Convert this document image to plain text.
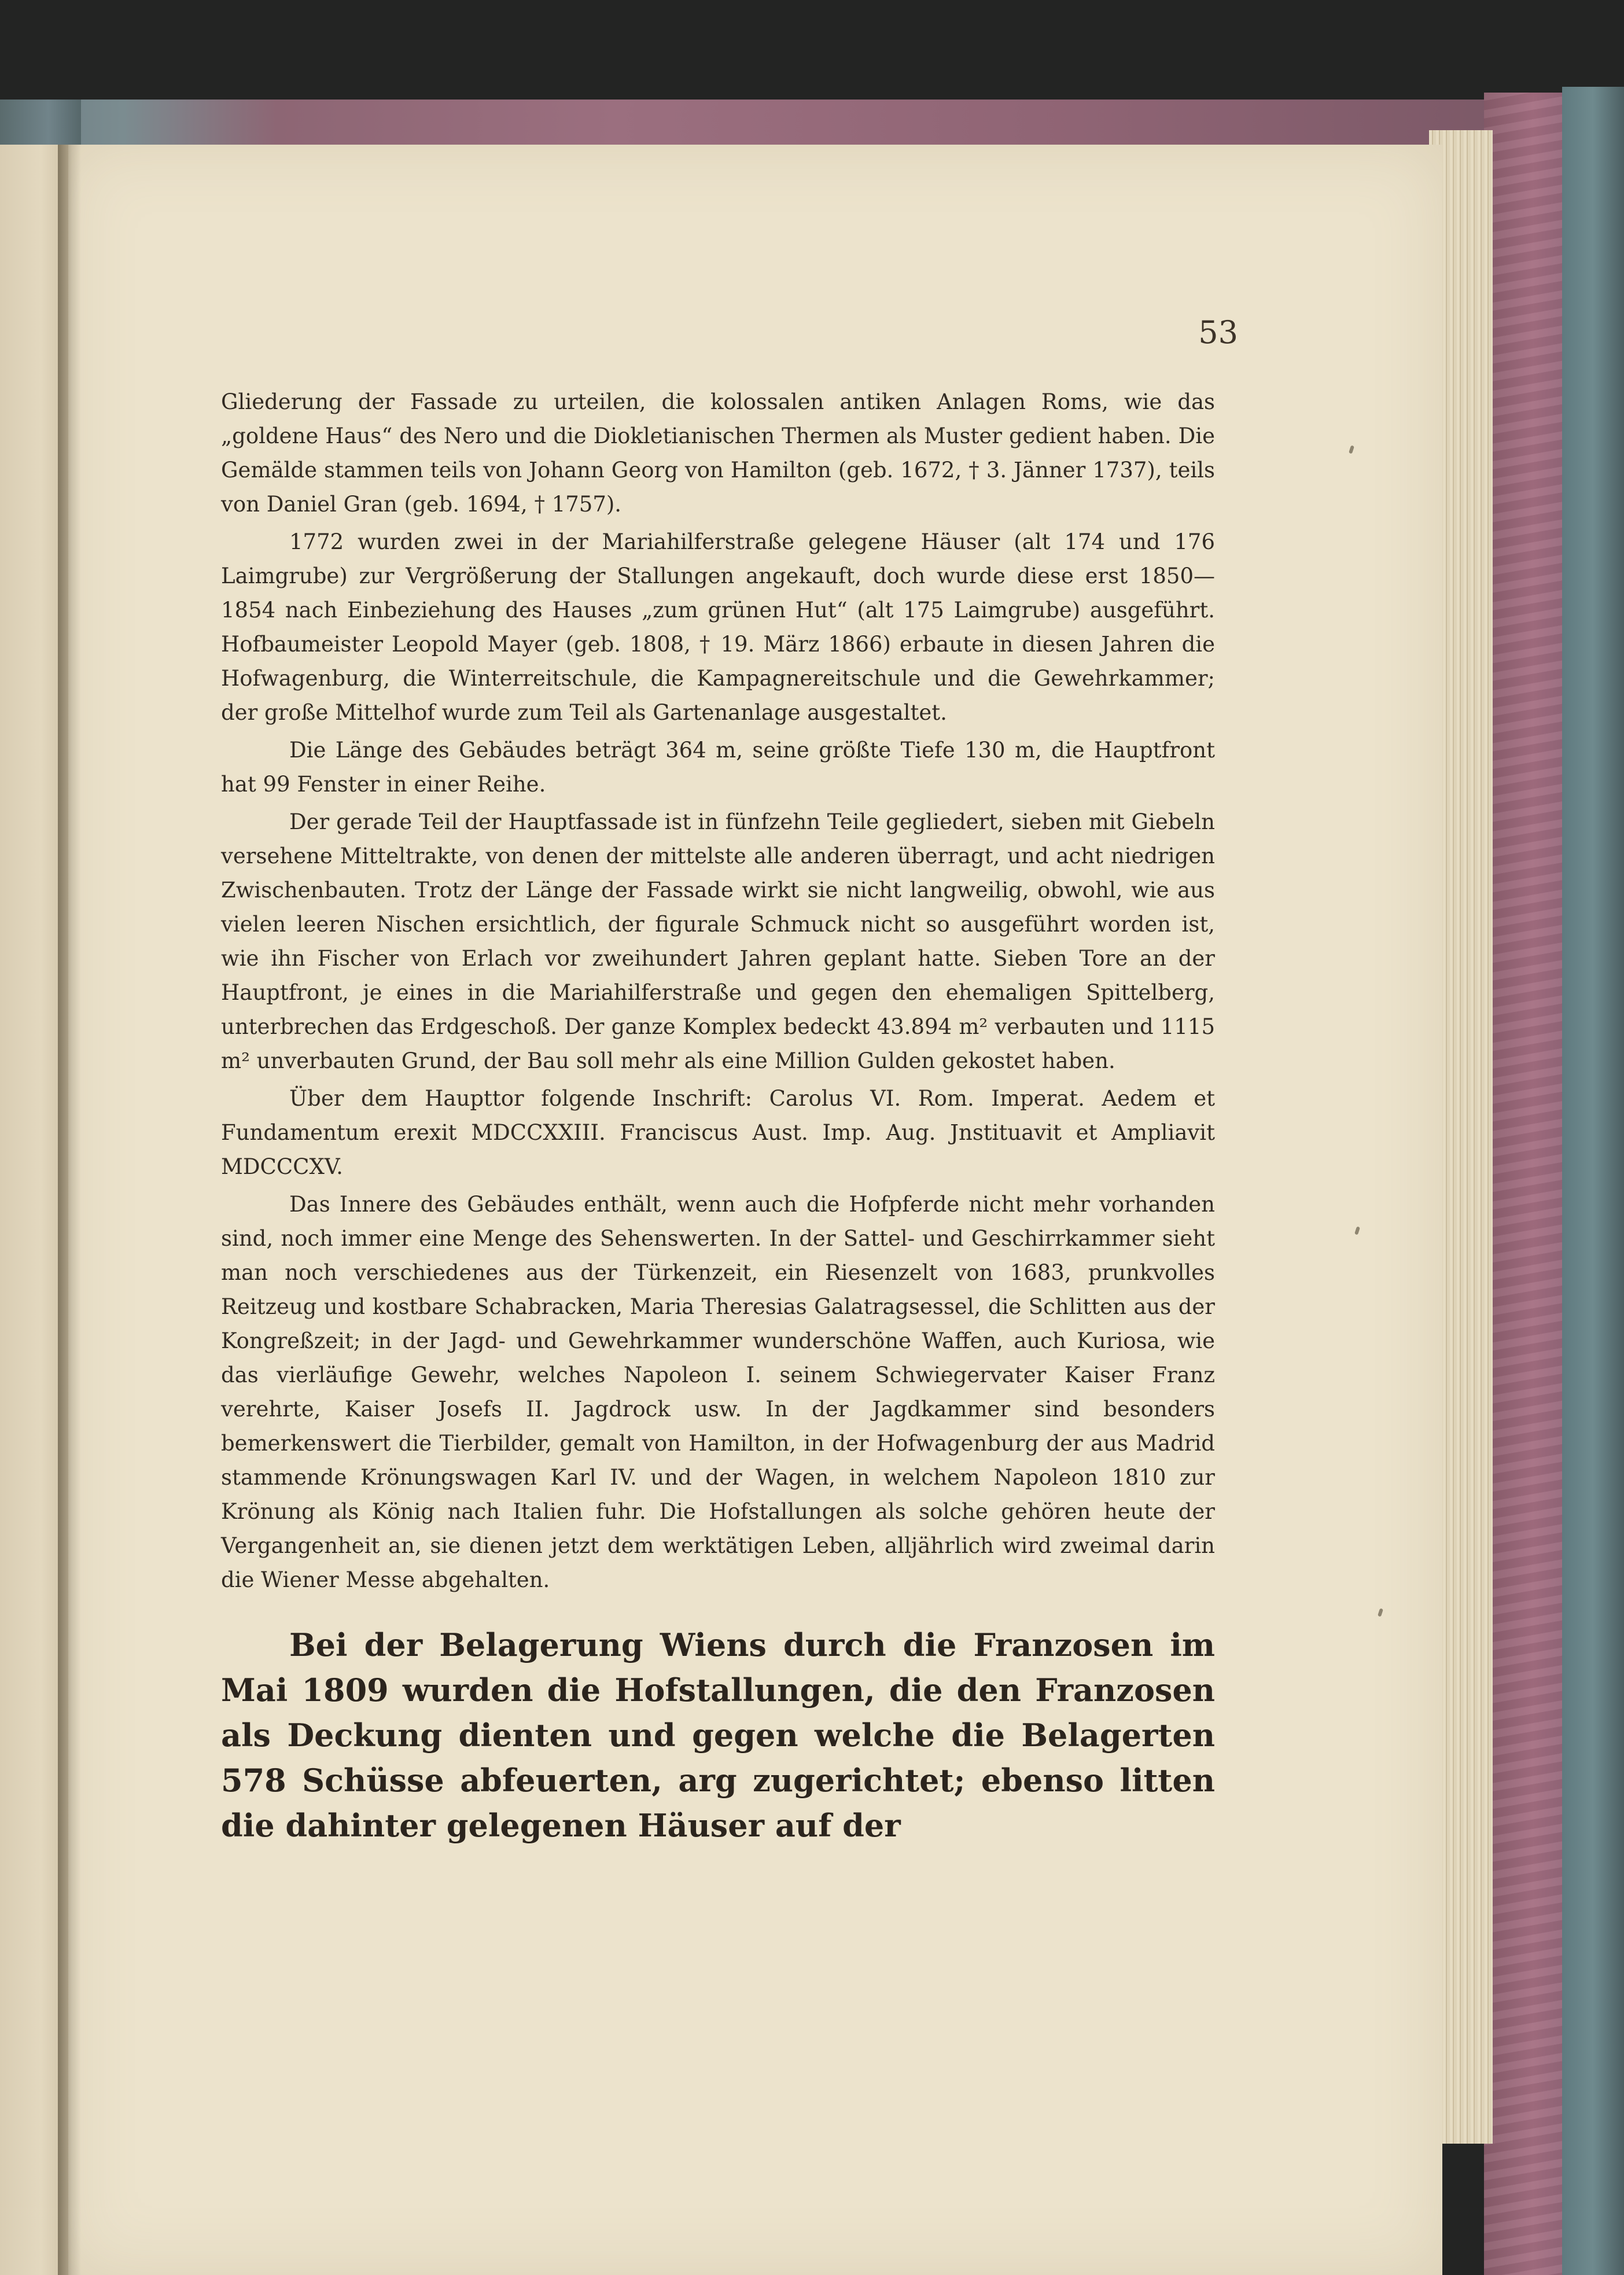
53

Gliederung der Fassade zu urteilen, die kolossalen antiken Anlagen Roms, wie das „goldene Haus“ des Nero und die Diokletianischen Thermen als Muster gedient haben. Die Gemälde stammen teils von Johann Georg von Hamilton (geb. 1672, † 3. Jänner 1737), teils von Daniel Gran (geb. 1694, † 1757).

1772 wurden zwei in der Mariahilferstraße gelegene Häuser (alt 174 und 176 Laimgrube) zur Vergrößerung der Stallungen angekauft, doch wurde diese erst 1850—1854 nach Einbeziehung des Hauses „zum grünen Hut“ (alt 175 Laimgrube) ausgeführt. Hofbaumeister Leopold Mayer (geb. 1808, † 19. März 1866) erbaute in diesen Jahren die Hofwagenburg, die Winterreitschule, die Kampagnereitschule und die Gewehrkammer; der große Mittelhof wurde zum Teil als Gartenanlage ausgestaltet.

Die Länge des Gebäudes beträgt 364 m, seine größte Tiefe 130 m, die Hauptfront hat 99 Fenster in einer Reihe.

Der gerade Teil der Hauptfassade ist in fünfzehn Teile gegliedert, sieben mit Giebeln versehene Mitteltrakte, von denen der mittelste alle anderen überragt, und acht niedrigen Zwischenbauten. Trotz der Länge der Fassade wirkt sie nicht langweilig, obwohl, wie aus vielen leeren Nischen ersichtlich, der figurale Schmuck nicht so ausgeführt worden ist, wie ihn Fischer von Erlach vor zweihundert Jahren geplant hatte. Sieben Tore an der Hauptfront, je eines in die Mariahilferstraße und gegen den ehemaligen Spittelberg, unterbrechen das Erdgeschoß. Der ganze Komplex bedeckt 43.894 m² verbauten und 1115 m² unverbauten Grund, der Bau soll mehr als eine Million Gulden gekostet haben.

Über dem Haupttor folgende Inschrift: Carolus VI. Rom. Imperat. Aedem et Fundamentum erexit MDCCXXIII. Franciscus Aust. Imp. Aug. Jnstituavit et Ampliavit MDCCCXV.

Das Innere des Gebäudes enthält, wenn auch die Hofpferde nicht mehr vorhanden sind, noch immer eine Menge des Sehenswerten. In der Sattel- und Geschirrkammer sieht man noch verschiedenes aus der Türkenzeit, ein Riesenzelt von 1683, prunkvolles Reitzeug und kostbare Schabracken, Maria Theresias Galatragsessel, die Schlitten aus der Kongreßzeit; in der Jagd- und Gewehrkammer wunderschöne Waffen, auch Kuriosa, wie das vierläufige Gewehr, welches Napoleon I. seinem Schwiegervater Kaiser Franz verehrte, Kaiser Josefs II. Jagdrock usw. In der Jagdkammer sind besonders bemerkenswert die Tierbilder, gemalt von Hamilton, in der Hofwagenburg der aus Madrid stammende Krönungswagen Karl IV. und der Wagen, in welchem Napoleon 1810 zur Krönung als König nach Italien fuhr. Die Hofstallungen als solche gehören heute der Vergangenheit an, sie dienen jetzt dem werktätigen Leben, alljährlich wird zweimal darin die Wiener Messe abgehalten.

Bei der Belagerung Wiens durch die Franzosen im Mai 1809 wurden die Hofstallungen, die den Franzosen als Deckung dienten und gegen welche die Belagerten 578 Schüsse abfeuerten, arg zugerichtet; ebenso litten die dahinter gelegenen Häuser auf der
